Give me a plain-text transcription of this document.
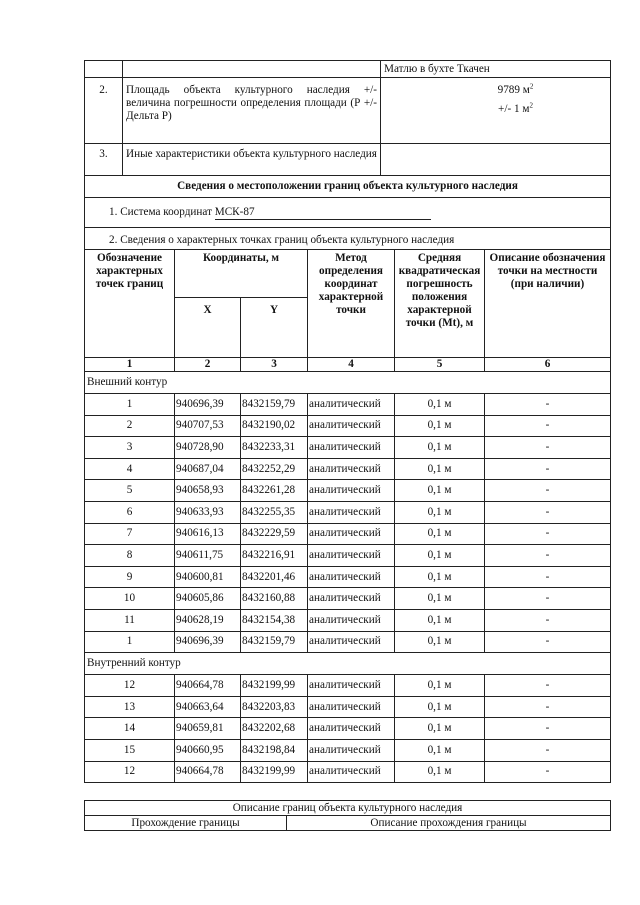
		Матлю в бухте Ткачен
2.	Площадь объекта культурного наследия +/- величина погрешности определения площади (Р +/- Дельта Р)	9789 $м^2$
+/- 1 $м^2$

3.	Иные характеристики объекта культурного наследия	
Сведения о местоположении границ объекта культурного наследия		
1. Система координат МСК-87		
2. Сведения о характерных точках границ объекта культурного наследия		
Обозначение характерных точек границ	Координаты, м		Метод определения координат характерной точки	Средняя квадратическая погрешность положения характерной точки (Mt), м	Описание обозначения точки на местности (при наличии)
	X	Y			
1	2	3	4	5	6
Внешний контур					
1	940696,39	8432159,79	аналитический	0,1 м	-
2	940707,53	8432190,02	аналитический	0,1 м	-
3	940728,90	8432233,31	аналитический	0,1 м	-
4	940687,04	8432252,29	аналитический	0,1 м	-
5	940658,93	8432261,28	аналитический	0,1 м	-
6	940633,93	8432255,35	аналитический	0,1 м	-
7	940616,13	8432229,59	аналитический	0,1 м	-
8	940611,75	8432216,91	аналитический	0,1 м	-
9	940600,81	8432201,46	аналитический	0,1 м	-
10	940605,86	8432160,88	аналитический	0,1 м	-
11	940628,19	8432154,38	аналитический	0,1 м	-
1	940696,39	8432159,79	аналитический	0,1 м	-
Внутренний контур					
12	940664,78	8432199,99	аналитический	0,1 м	-
13	940663,64	8432203,83	аналитический	0,1 м	-
14	940659,81	8432202,68	аналитический	0,1 м	-
15	940660,95	8432198,84	аналитический	0,1 м	-
12	940664,78	8432199,99	аналитический	0,1 м	-
Описание границ объекта культурного наследия
Прохождение границы	Описание прохождения границы
